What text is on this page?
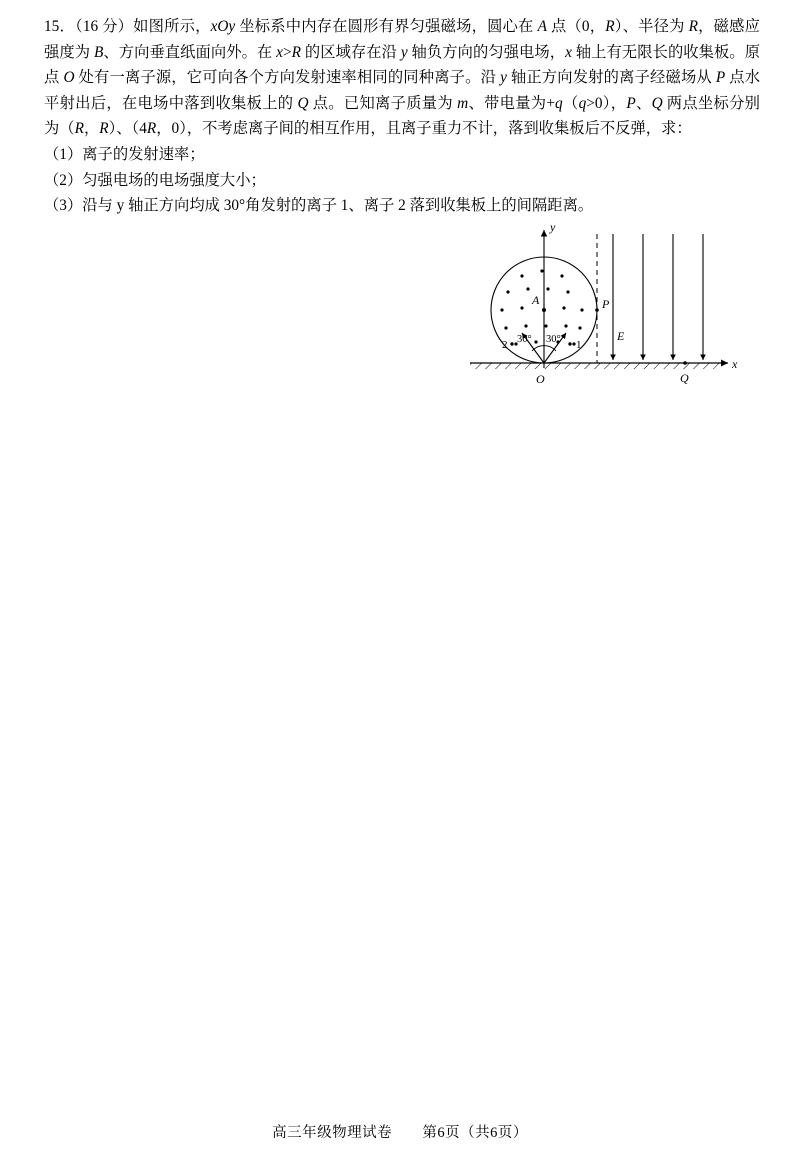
15．（16 分）如图所示，xOy 坐标系中内存在圆形有界匀强磁场，圆心在 A 点（0，R）、半径为 R，磁感应强度为 B、方向垂直纸面向外。在 x>R 的区域存在沿 y 轴负方向的匀强电场，x 轴上有无限长的收集板。原点 O 处有一离子源，它可向各个方向发射速率相同的同种离子。沿 y 轴正方向发射的离子经磁场从 P 点水平射出后，在电场中落到收集板上的 Q 点。已知离子质量为 m、带电量为+q（q>0），P、Q 两点坐标分别为（R，R）、（4R，0），不考虑离子间的相互作用，且离子重力不计，落到收集板后不反弹，求：
（1）离子的发射速率；
（2）匀强电场的电场强度大小；
（3）沿与 y 轴正方向均成 30°角发射的离子 1、离子 2 落到收集板上的间隔距离。
A
y
x
O
P
Q
E
30° 30°
2	1
高三年级物理试卷 第6页（共6页）
